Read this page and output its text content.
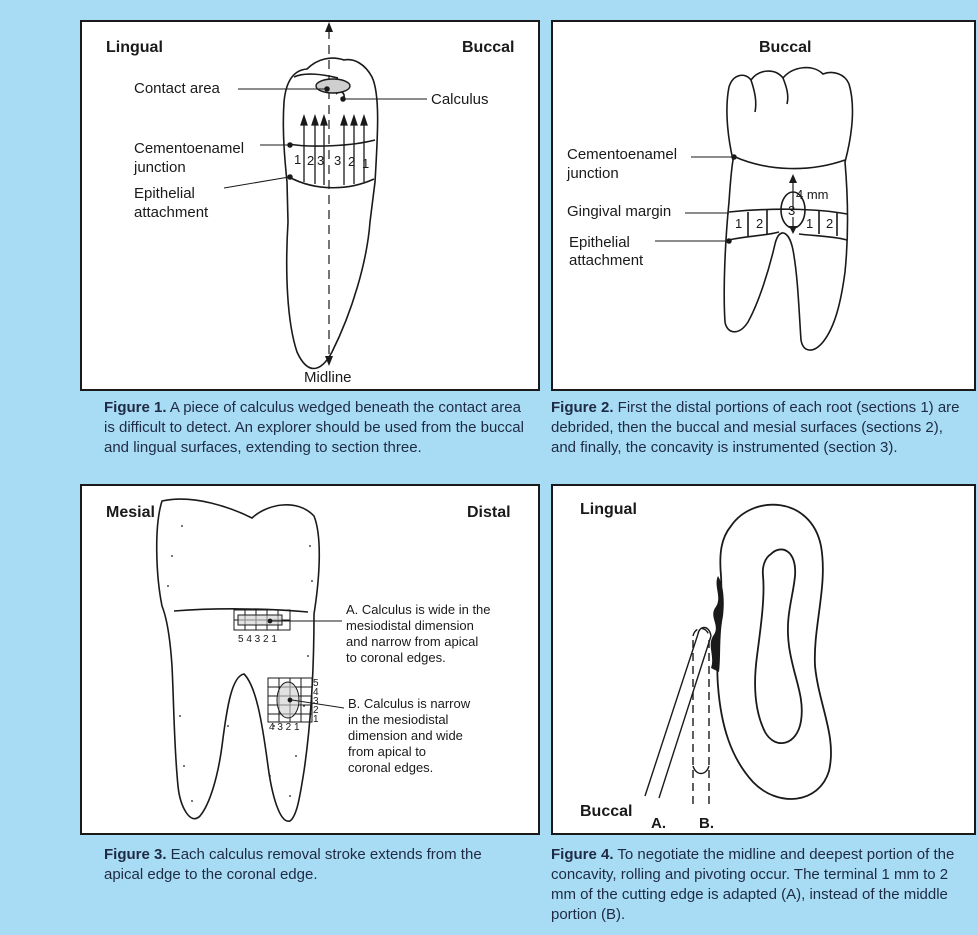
1 2 3 3 2 1
Lingual	Buccal
Contact area
Calculus
Cementoenamel
junction
Epithelial
attachment
Midline
Figure 1. A piece of calculus wedged beneath the contact area is difficult to detect. An explorer should be used from the buccal and lingual surfaces, extending to section three.
4 mm
1 2
3
1 2
Buccal
Cementoenamel
junction
Gingival margin
Epithelial
attachment
Figure 2. First the distal portions of each root (sections 1) are debrided, then the buccal and mesial surfaces (sections 2), and finally, the concavity is instrumented (section 3).
5 4 3 2 1
4 3 2 1
5
4
3
2
1
Mesial	Distal
A. Calculus is wide in the
mesiodistal dimension
and narrow from apical
to coronal edges.
B. Calculus is narrow
in the mesiodistal
dimension and wide
from apical to
coronal edges.
Figure 3. Each calculus removal stroke extends from the apical edge to the coronal edge.
Lingual
Buccal
A. B.
Figure 4. To negotiate the midline and deepest portion of the concavity, rolling and pivoting occur. The terminal 1 mm to 2 mm of the cutting edge is adapted (A), instead of the middle portion (B).
